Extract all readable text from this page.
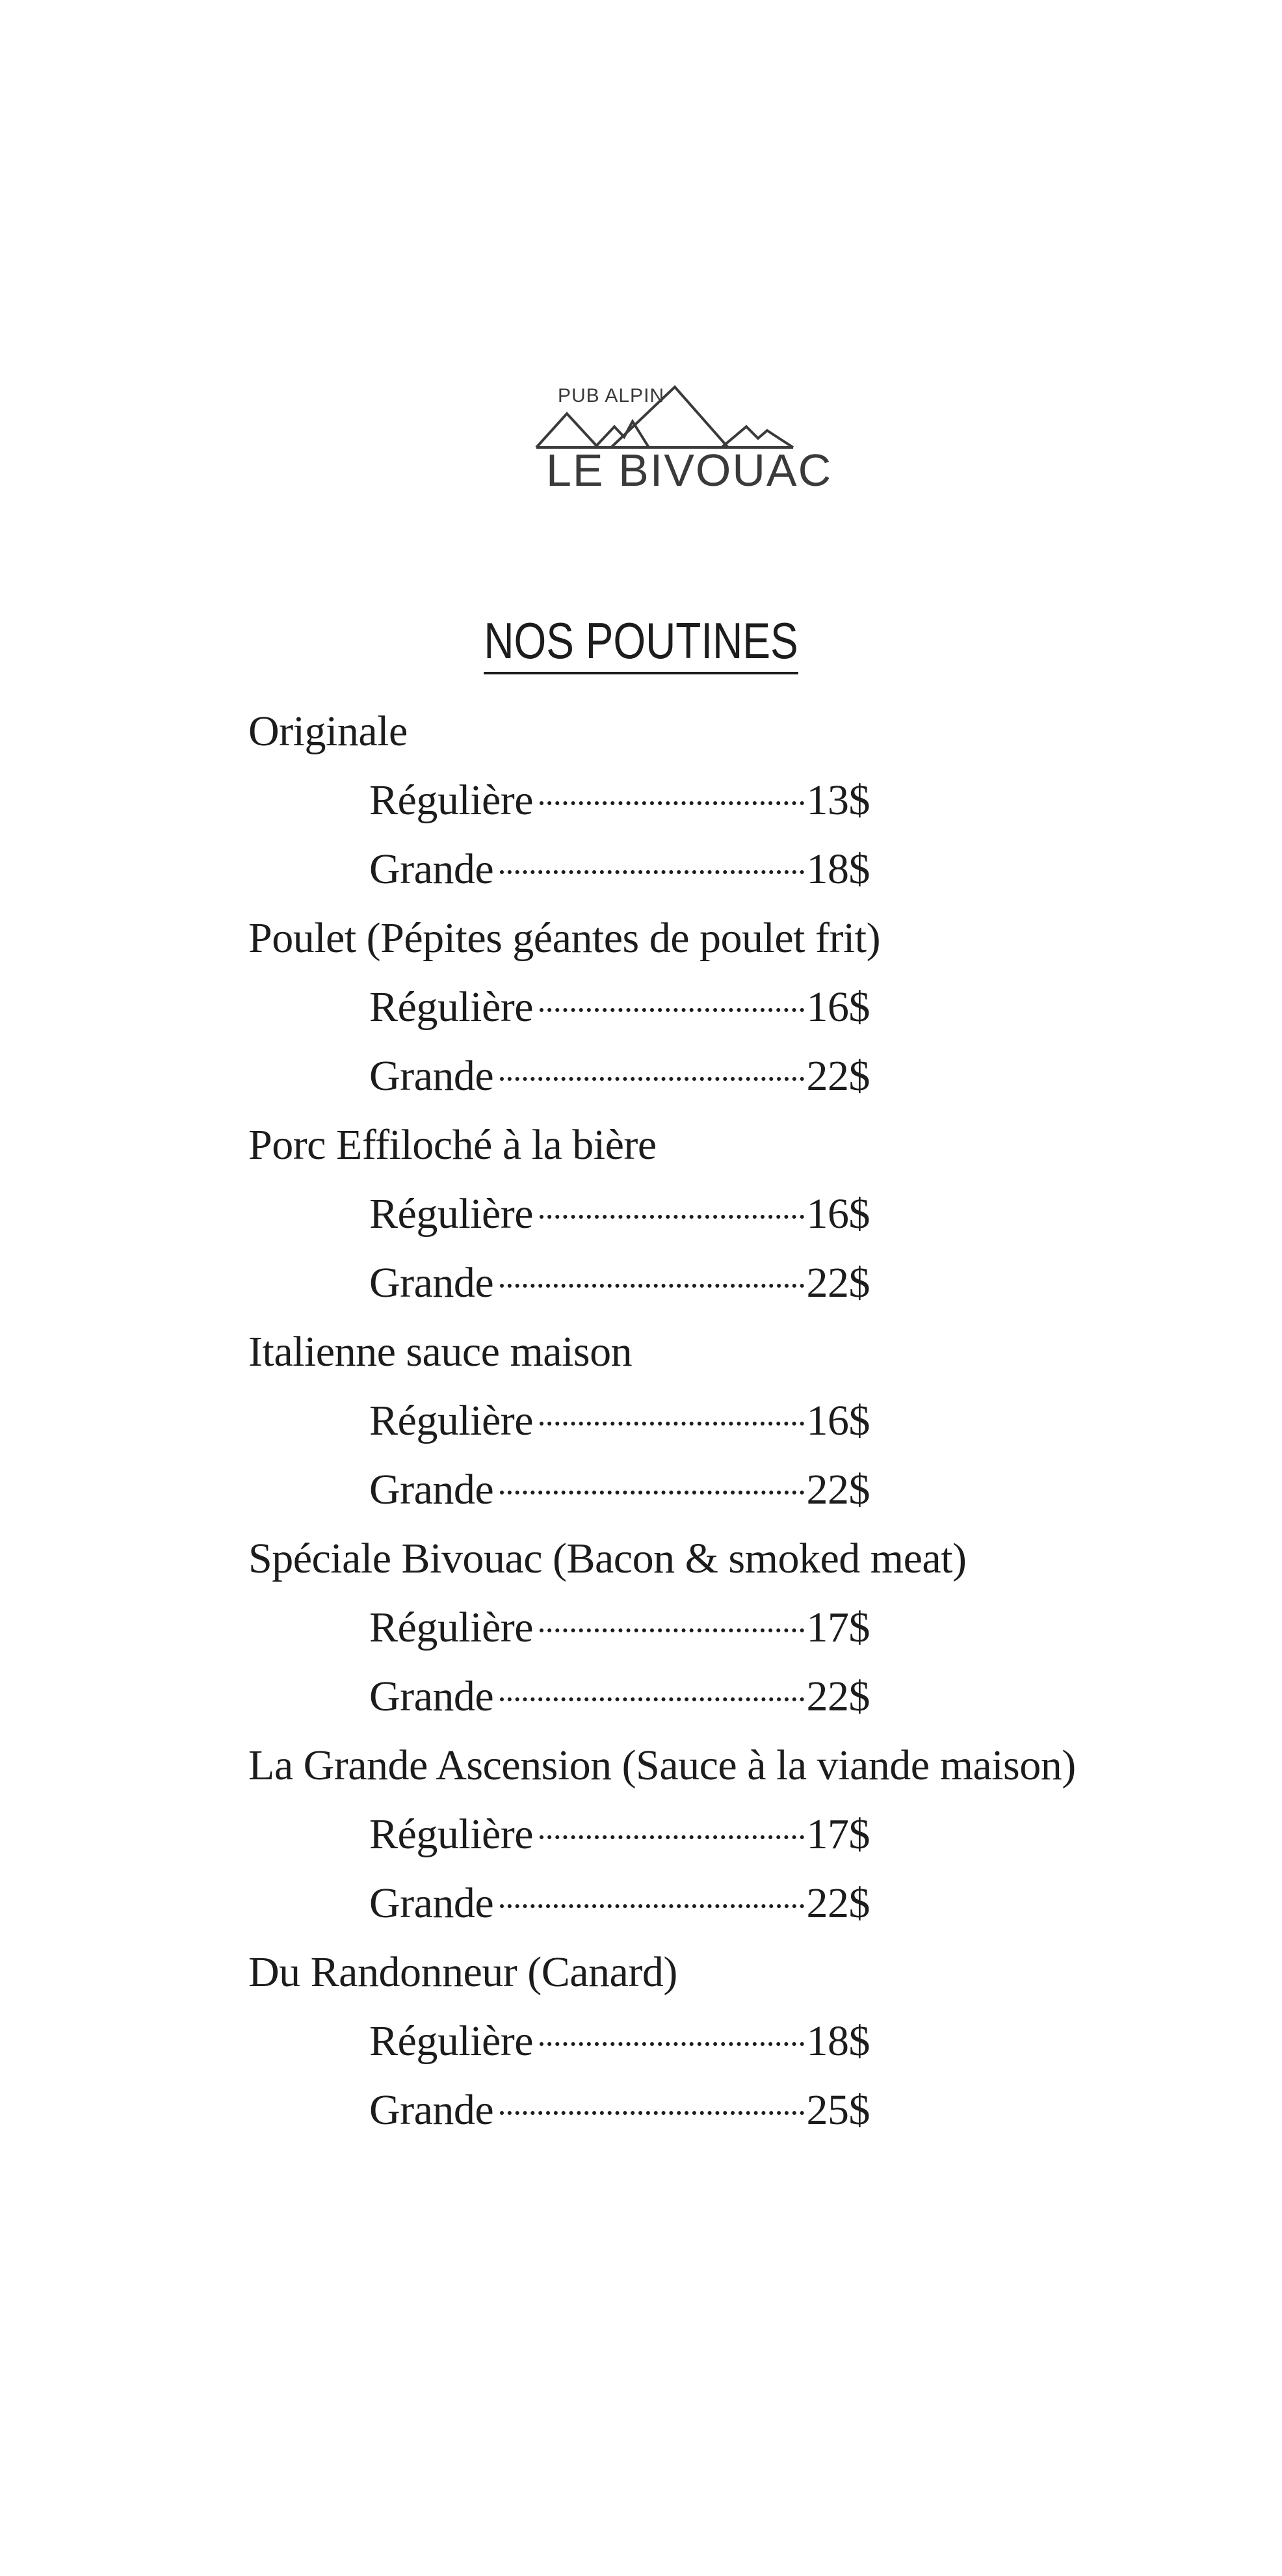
PUB ALPIN
LE BIVOUAC
NOS POUTINES
Originale
Régulière	13$
Grande	18$
Poulet (Pépites géantes de poulet frit)
Régulière	16$
Grande	22$
Porc Effiloché à la bière
Régulière	16$
Grande	22$
Italienne sauce maison
Régulière	16$
Grande	22$
Spéciale Bivouac (Bacon & smoked meat)
Régulière	17$
Grande	22$
La Grande Ascension (Sauce à la viande maison)
Régulière	17$
Grande	22$
Du Randonneur (Canard)
Régulière	18$
Grande	25$
